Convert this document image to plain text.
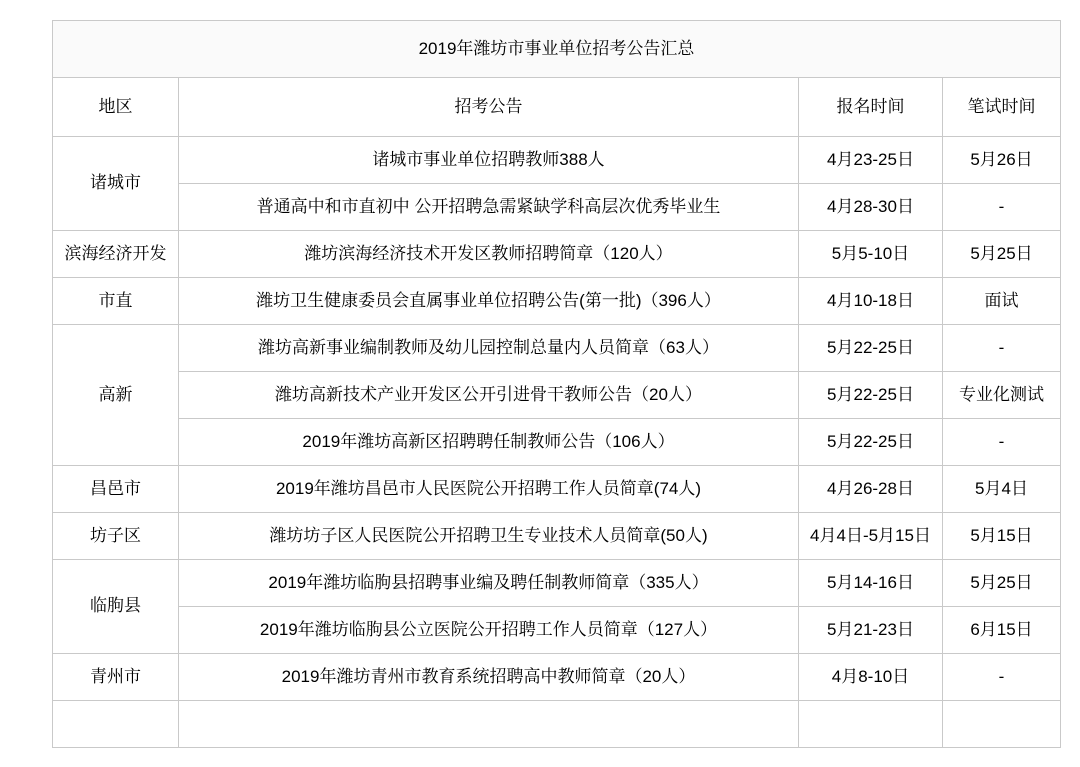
2019年潍坊市事业单位招考公告汇总			
地区	招考公告	报名时间	笔试时间
诸城市	诸城市事业单位招聘教师388人	4月23-25日	5月26日
	普通高中和市直初中 公开招聘急需紧缺学科高层次优秀毕业生	4月28-30日	-
滨海经济开发	潍坊滨海经济技术开发区教师招聘简章（120人）	5月5-10日	5月25日
市直	潍坊卫生健康委员会直属事业单位招聘公告(第一批)（396人）	4月10-18日	面试
高新	潍坊高新事业编制教师及幼儿园控制总量内人员简章（63人）	5月22-25日	-
	潍坊高新技术产业开发区公开引进骨干教师公告（20人）	5月22-25日	专业化测试
	2019年潍坊高新区招聘聘任制教师公告（106人）	5月22-25日	-
昌邑市	2019年潍坊昌邑市人民医院公开招聘工作人员简章(74人)	4月26-28日	5月4日
坊子区	潍坊坊子区人民医院公开招聘卫生专业技术人员简章(50人)	4月4日-5月15日	5月15日
临朐县	2019年潍坊临朐县招聘事业编及聘任制教师简章（335人）	5月14-16日	5月25日
	2019年潍坊临朐县公立医院公开招聘工作人员简章（127人）	5月21-23日	6月15日
青州市	2019年潍坊青州市教育系统招聘高中教师简章（20人）	4月8-10日	-
